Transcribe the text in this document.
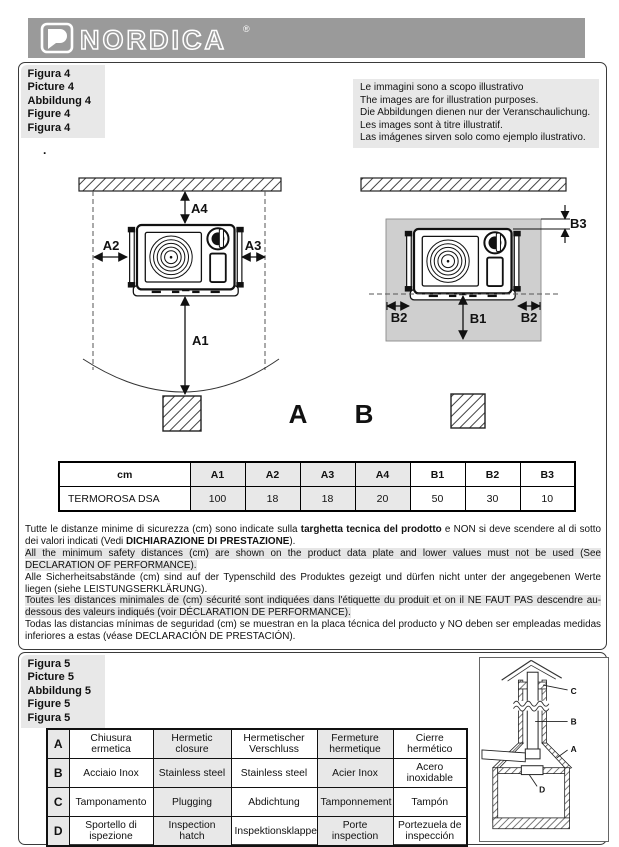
NORDICA ®
Figura 4
Picture 4
Abbildung 4
Figure 4
Figura 4
Le immagini sono a scopo illustrativo
The images are for illustration purposes.
Die Abbildungen dienen nur der Veranschaulichung.
Les images sont à titre illustratif.
Las imágenes sirven solo como ejemplo ilustrativo.
.
A4
A2	A3
A1
A
B3
B2	B2
B1
B
cm	A1	A2	A3	A4	B1	B2	B3
TERMOROSA DSA	100	18	18	20	50	30	10
Tutte le distanze minime di sicurezza (cm) sono indicate sulla targhetta tecnica del prodotto e NON si deve scendere al di sotto dei valori indicati (Vedi DICHIARAZIONE DI PRESTAZIONE).
All the minimum safety distances (cm) are shown on the product data plate and lower values must not be used (See DECLARATION OF PERFORMANCE).
Alle Sicherheitsabstände (cm) sind auf der Typenschild des Produktes gezeigt und dürfen nicht unter der angegebenen Werte liegen (siehe LEISTUNGSERKLÄRUNG).
Toutes les distances minimales de (cm) sécurité sont indiquées dans l'étiquette du produit et on il NE FAUT PAS descendre au-dessous des valeurs indiqués (voir DÉCLARATION DE PERFORMANCE).
Todas las distancias mínimas de seguridad (cm) se muestran en la placa técnica del producto y NO deben ser empleadas medidas inferiores a estas (véase DECLARACIÓN DE PRESTACIÓN).
Figura 5
Picture 5
Abbildung 5
Figure 5
Figura 5
A	Chiusura ermetica	Hermetic closure	Hermetischer Verschluss	Fermeture hermetique	Cierre hermético
B	Acciaio Inox	Stainless steel	Stainless steel	Acier Inox	Acero inoxidable
C	Tamponamento	Plugging	Abdichtung	Tamponnement	Tampón
D	Sportello di ispezione	Inspection hatch	Inspektionsklappe	Porte inspection	Portezuela de inspección
C
B
A
D
